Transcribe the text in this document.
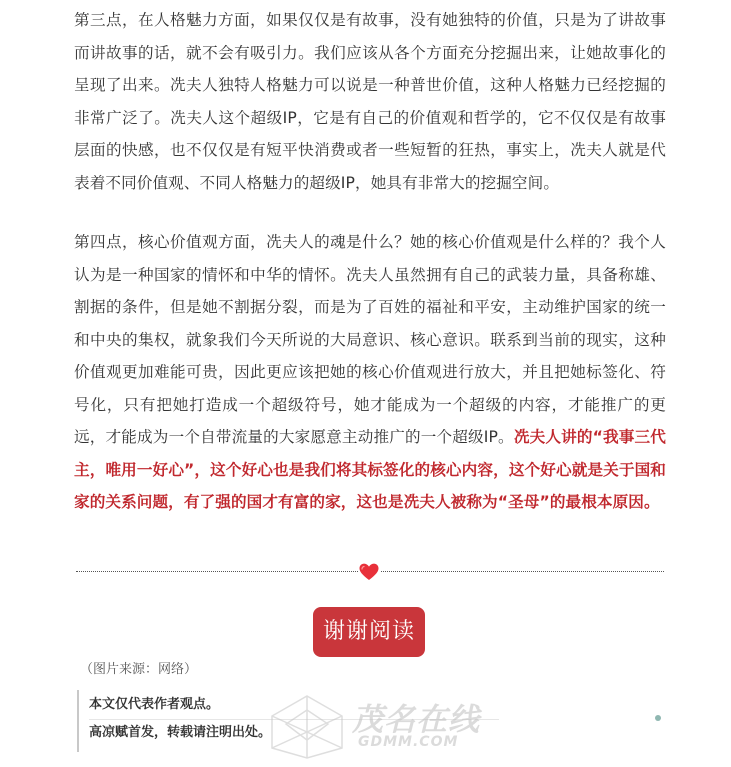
第三点，在人格魅力方面，如果仅仅是有故事，没有她独特的价值，只是为了讲故事而讲故事的话，就不会有吸引力。我们应该从各个方面充分挖掘出来，让她故事化的呈现了出来。冼夫人独特人格魅力可以说是一种普世价值，这种人格魅力已经挖掘的非常广泛了。冼夫人这个超级IP，它是有自己的价值观和哲学的，它不仅仅是有故事层面的快感，也不仅仅是有短平快消费或者一些短暂的狂热，事实上，冼夫人就是代表着不同价值观、不同人格魅力的超级IP，她具有非常大的挖掘空间。

第四点，核心价值观方面，冼夫人的魂是什么？她的核心价值观是什么样的？我个人认为是一种国家的情怀和中华的情怀。冼夫人虽然拥有自己的武装力量，具备称雄、割据的条件，但是她不割据分裂，而是为了百姓的福祉和平安，主动维护国家的统一和中央的集权，就象我们今天所说的大局意识、核心意识。联系到当前的现实，这种价值观更加难能可贵，因此更应该把她的核心价值观进行放大，并且把她标签化、符号化，只有把她打造成一个超级符号，她才能成为一个超级的内容，才能推广的更远，才能成为一个自带流量的大家愿意主动推广的一个超级IP。冼夫人讲的“我事三代主，唯用一好心”，这个好心也是我们将其标签化的核心内容，这个好心就是关于国和家的关系问题，有了强的国才有富的家，这也是冼夫人被称为“圣母”的最根本原因。

谢谢阅读
（图片来源：网络）
本文仅代表作者观点。
高凉赋首发，转载请注明出处。	茂名在线
GDMM.COM
